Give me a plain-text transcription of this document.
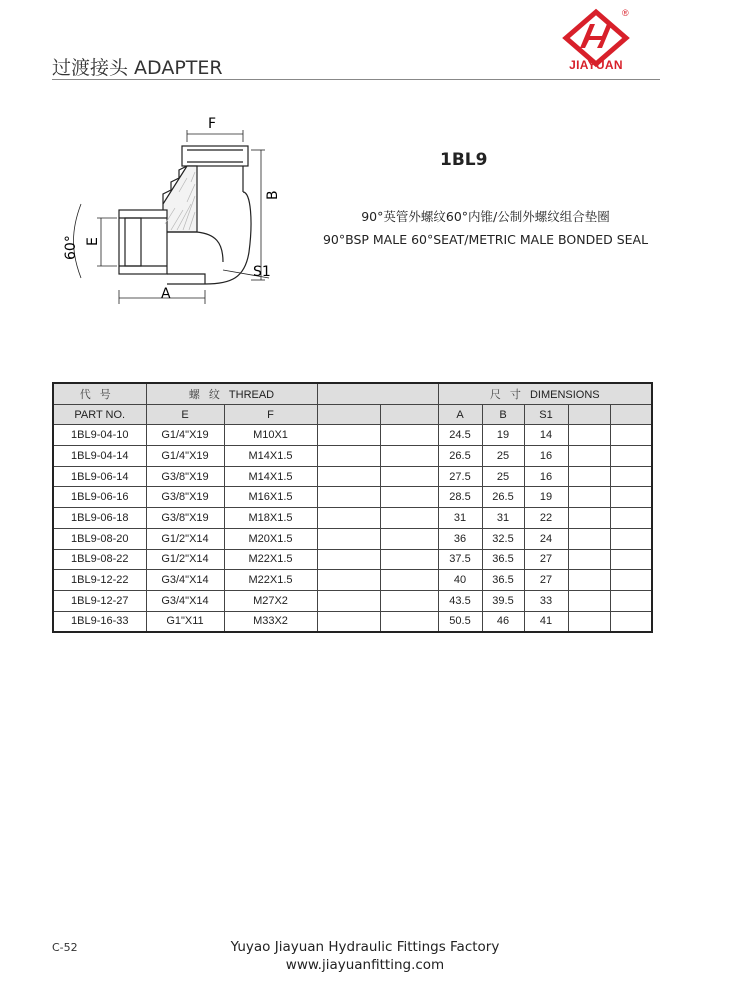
过渡接头 ADAPTER
®
JIAYUAN
F
B
E
60°
A
S1
1BL9
90°英管外螺纹60°内锥/公制外螺纹组合垫圈
90°BSP MALE 60°SEAT/METRIC MALE BONDED SEAL
代 号	螺 纹 THREAD				尺 寸 DIMENSIONS				
PART NO.	E	F			A	B	S1		
1BL9-04-10	G1/4"X19	M10X1			24.5	19	14		
1BL9-04-14	G1/4"X19	M14X1.5			26.5	25	16		
1BL9-06-14	G3/8"X19	M14X1.5			27.5	25	16		
1BL9-06-16	G3/8"X19	M16X1.5			28.5	26.5	19		
1BL9-06-18	G3/8"X19	M18X1.5			31	31	22		
1BL9-08-20	G1/2"X14	M20X1.5			36	32.5	24		
1BL9-08-22	G1/2"X14	M22X1.5			37.5	36.5	27		
1BL9-12-22	G3/4"X14	M22X1.5			40	36.5	27		
1BL9-12-27	G3/4"X14	M27X2			43.5	39.5	33		
1BL9-16-33	G1"X11	M33X2			50.5	46	41		
C-52	Yuyao Jiayuan Hydraulic Fittings Factory
www.jiayuanfitting.com
